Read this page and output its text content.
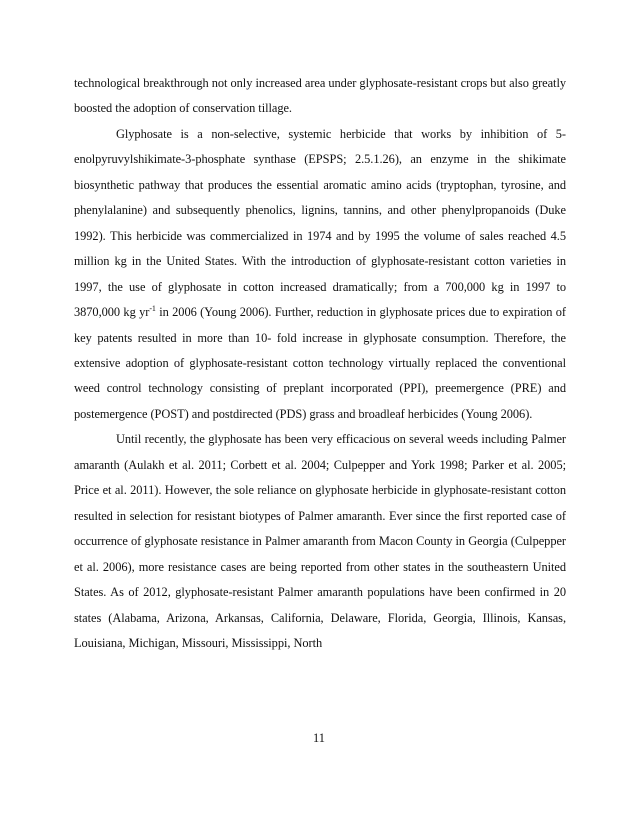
technological breakthrough not only increased area under glyphosate-resistant crops but also greatly boosted the adoption of conservation tillage.

Glyphosate is a non-selective, systemic herbicide that works by inhibition of 5-enolpyruvylshikimate-3-phosphate synthase (EPSPS; 2.5.1.26), an enzyme in the shikimate biosynthetic pathway that produces the essential aromatic amino acids (tryptophan, tyrosine, and phenylalanine) and subsequently phenolics, lignins, tannins, and other phenylpropanoids (Duke 1992). This herbicide was commercialized in 1974 and by 1995 the volume of sales reached 4.5 million kg in the United States. With the introduction of glyphosate-resistant cotton varieties in 1997, the use of glyphosate in cotton increased dramatically; from a 700,000 kg in 1997 to 3870,000 kg $yr^{-1}$ in 2006 (Young 2006). Further, reduction in glyphosate prices due to expiration of key patents resulted in more than 10- fold increase in glyphosate consumption. Therefore, the extensive adoption of glyphosate-resistant cotton technology virtually replaced the conventional weed control technology consisting of preplant incorporated (PPI), preemergence (PRE) and postemergence (POST) and postdirected (PDS) grass and broadleaf herbicides (Young 2006).

Until recently, the glyphosate has been very efficacious on several weeds including Palmer amaranth (Aulakh et al. 2011; Corbett et al. 2004; Culpepper and York 1998; Parker et al. 2005; Price et al. 2011). However, the sole reliance on glyphosate herbicide in glyphosate-resistant cotton resulted in selection for resistant biotypes of Palmer amaranth. Ever since the first reported case of occurrence of glyphosate resistance in Palmer amaranth from Macon County in Georgia (Culpepper et al. 2006), more resistance cases are being reported from other states in the southeastern United States. As of 2012, glyphosate-resistant Palmer amaranth populations have been confirmed in 20 states (Alabama, Arizona, Arkansas, California, Delaware, Florida, Georgia, Illinois, Kansas, Louisiana, Michigan, Missouri, Mississippi, North

11
